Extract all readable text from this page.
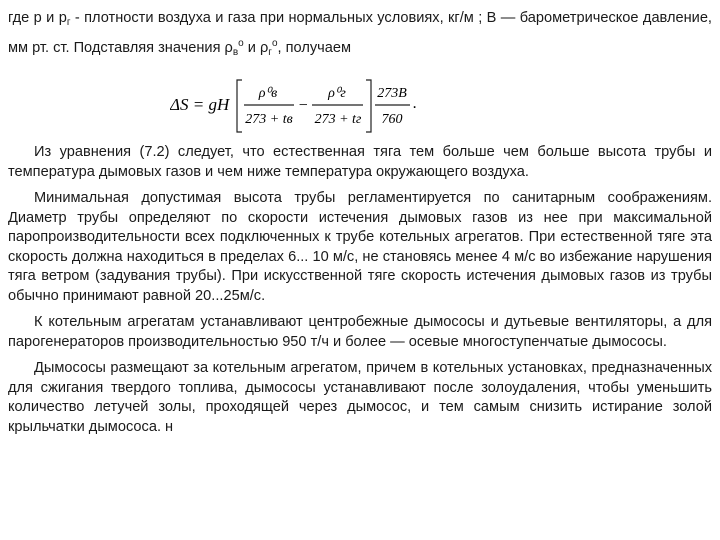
где р и $р_г$ - плотности воздуха и газа при нормальных условиях, кг/м ; В — барометрическое давление, мм рт. ст. Подставляя значения $\rho_в^о$ и $\rho_г^о$, получаем
ΔS = gH
ρ⁰в
273 + tв
−
ρ⁰г
273 + tг
273B
760
.

Из уравнения (7.2) следует, что естественная тяга тем больше чем больше высота трубы и температура дымовых газов и чем ниже температура окружающего воздуха.

Минимальная допустимая высота трубы регламентируется по санитарным соображениям. Диаметр трубы определяют по скорости истечения дымовых газов из нее при максимальной паропроизводительности всех подключенных к трубе котельных агрегатов. При естественной тяге эта скорость должна находиться в пределах 6... 10 м/с, не становясь менее 4 м/с во избежание нарушения тяга ветром (задувания трубы). При искусственной тяге скорость истечения дымовых газов из трубы обычно принимают равной 20...25м/с.

К котельным агрегатам устанавливают центробежные дымососы и дутьевые вентиляторы, а для парогенераторов производительностью 950 т/ч и более — осевые многоступенчатые дымососы.

Дымососы размещают за котельным агрегатом, причем в котельных установках, предназначенных для сжигания твердого топлива, дымососы устанавливают после золоудаления, чтобы уменьшить количество летучей золы, проходящей через дымосос, и тем самым снизить истирание золой крыльчатки дымососа. н
